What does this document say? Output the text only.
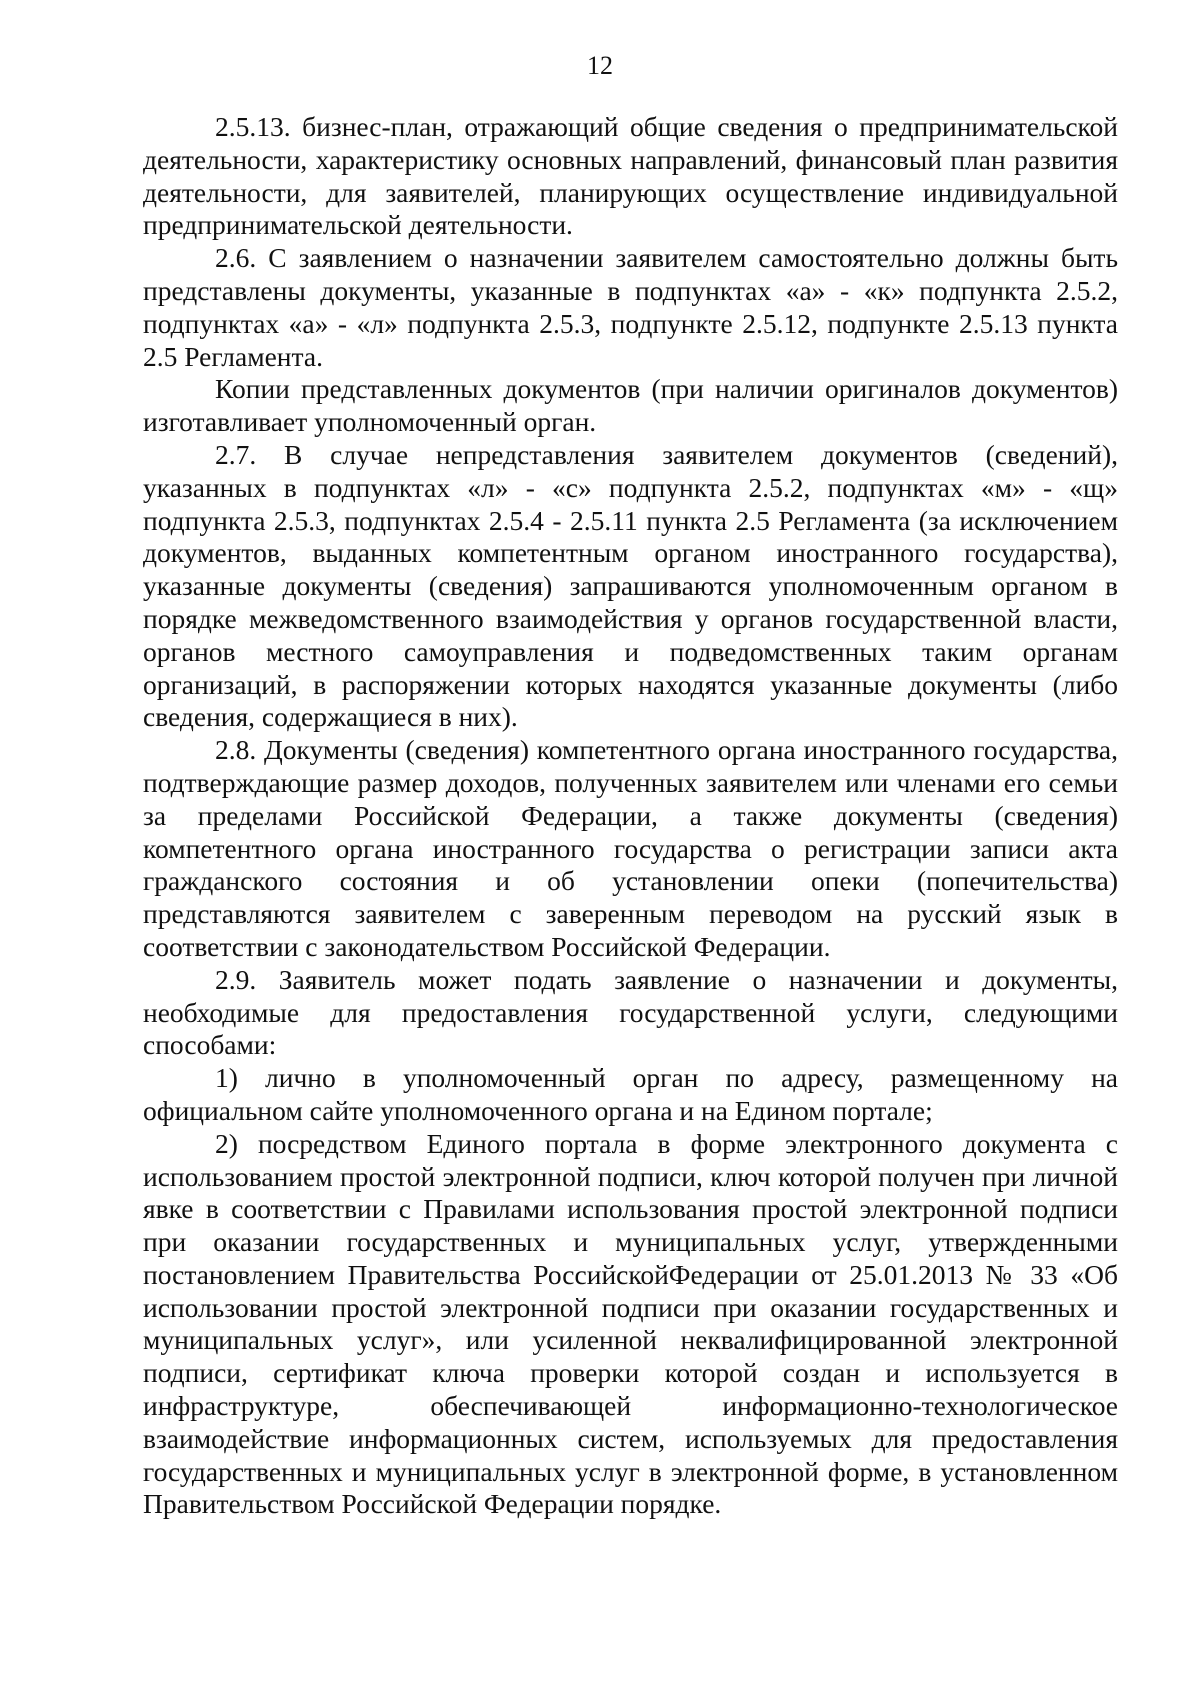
12

2.5.13. бизнес-план, отражающий общие сведения о предпринимательской деятельности, характеристику основных направлений, финансовый план развития деятельности, для заявителей, планирующих осуществление индивидуальной предпринимательской деятельности.

2.6. С заявлением о назначении заявителем самостоятельно должны быть представлены документы, указанные в подпунктах «а» - «к» подпункта 2.5.2, подпунктах «а» - «л» подпункта 2.5.3, подпункте 2.5.12, подпункте 2.5.13 пункта 2.5 Регламента.

Копии представленных документов (при наличии оригиналов документов) изготавливает уполномоченный орган.

2.7. В случае непредставления заявителем документов (сведений), указанных в подпунктах «л» - «с» подпункта 2.5.2, подпунктах «м» - «щ» подпункта 2.5.3, подпунктах 2.5.4 - 2.5.11 пункта 2.5 Регламента (за исключением документов, выданных компетентным органом иностранного государства), указанные документы (сведения) запрашиваются уполномоченным органом в порядке межведомственного взаимодействия у органов государственной власти, органов местного самоуправления и подведомственных таким органам организаций, в распоряжении которых находятся указанные документы (либо сведения, содержащиеся в них).

2.8. Документы (сведения) компетентного органа иностранного государства, подтверждающие размер доходов, полученных заявителем или членами его семьи за пределами Российской Федерации, а также документы (сведения) компетентного органа иностранного государства о регистрации записи акта гражданского состояния и об установлении опеки (попечительства) представляются заявителем с заверенным переводом на русский язык в соответствии с законодательством Российской Федерации.

2.9. Заявитель может подать заявление о назначении и документы, необходимые для предоставления государственной услуги, следующими способами:

1) лично в уполномоченный орган по адресу, размещенному на официальном сайте уполномоченного органа и на Едином портале;

2) посредством Единого портала в форме электронного документа с использованием простой электронной подписи, ключ которой получен при личной явке в соответствии с Правилами использования простой электронной подписи при оказании государственных и муниципальных услуг, утвержденными постановлением Правительства РоссийскойФедерации от 25.01.2013 № 33 «Об использовании простой электронной подписи при оказании государственных и муниципальных услуг», или усиленной неквалифицированной электронной подписи, сертификат ключа проверки которой создан и используется в инфраструктуре, обеспечивающей информационно-технологическое взаимодействие информационных систем, используемых для предоставления государственных и муниципальных услуг в электронной форме, в установленном Правительством Российской Федерации порядке.
